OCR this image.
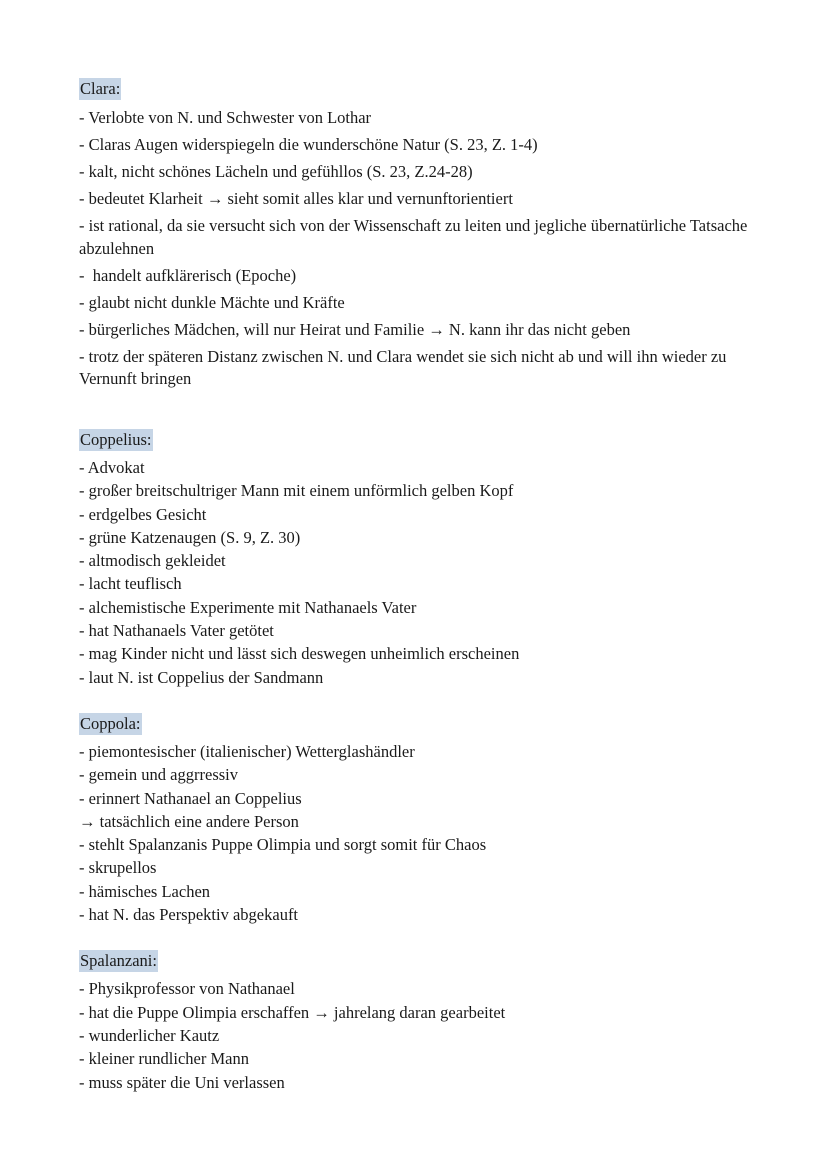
Clara:

- Verlobte von N. und Schwester von Lothar

- Claras Augen widerspiegeln die wunderschöne Natur (S. 23, Z. 1-4)

- kalt, nicht schönes Lächeln und gefühllos (S. 23, Z.24-28)

- bedeutet Klarheit → sieht somit alles klar und vernunftorientiert

- ist rational, da sie versucht sich von der Wissenschaft zu leiten und jegliche übernatürliche Tatsache abzulehnen

-  handelt aufklärerisch (Epoche)

- glaubt nicht dunkle Mächte und Kräfte

- bürgerliches Mädchen, will nur Heirat und Familie → N. kann ihr das nicht geben

- trotz der späteren Distanz zwischen N. und Clara wendet sie sich nicht ab und will ihn wieder zu Vernunft bringen

Coppelius:

- Advokat

- großer breitschultriger Mann mit einem unförmlich gelben Kopf

- erdgelbes Gesicht

- grüne Katzenaugen (S. 9, Z. 30)

- altmodisch gekleidet

- lacht teuflisch

- alchemistische Experimente mit Nathanaels Vater

- hat Nathanaels Vater getötet

- mag Kinder nicht und lässt sich deswegen unheimlich erscheinen

- laut N. ist Coppelius der Sandmann

Coppola:

- piemontesischer (italienischer) Wetterglashändler

- gemein und aggrressiv

- erinnert Nathanael an Coppelius

→ tatsächlich eine andere Person

- stehlt Spalanzanis Puppe Olimpia und sorgt somit für Chaos

- skrupellos

- hämisches Lachen

- hat N. das Perspektiv abgekauft

Spalanzani:

- Physikprofessor von Nathanael

- hat die Puppe Olimpia erschaffen → jahrelang daran gearbeitet

- wunderlicher Kautz

- kleiner rundlicher Mann

- muss später die Uni verlassen
